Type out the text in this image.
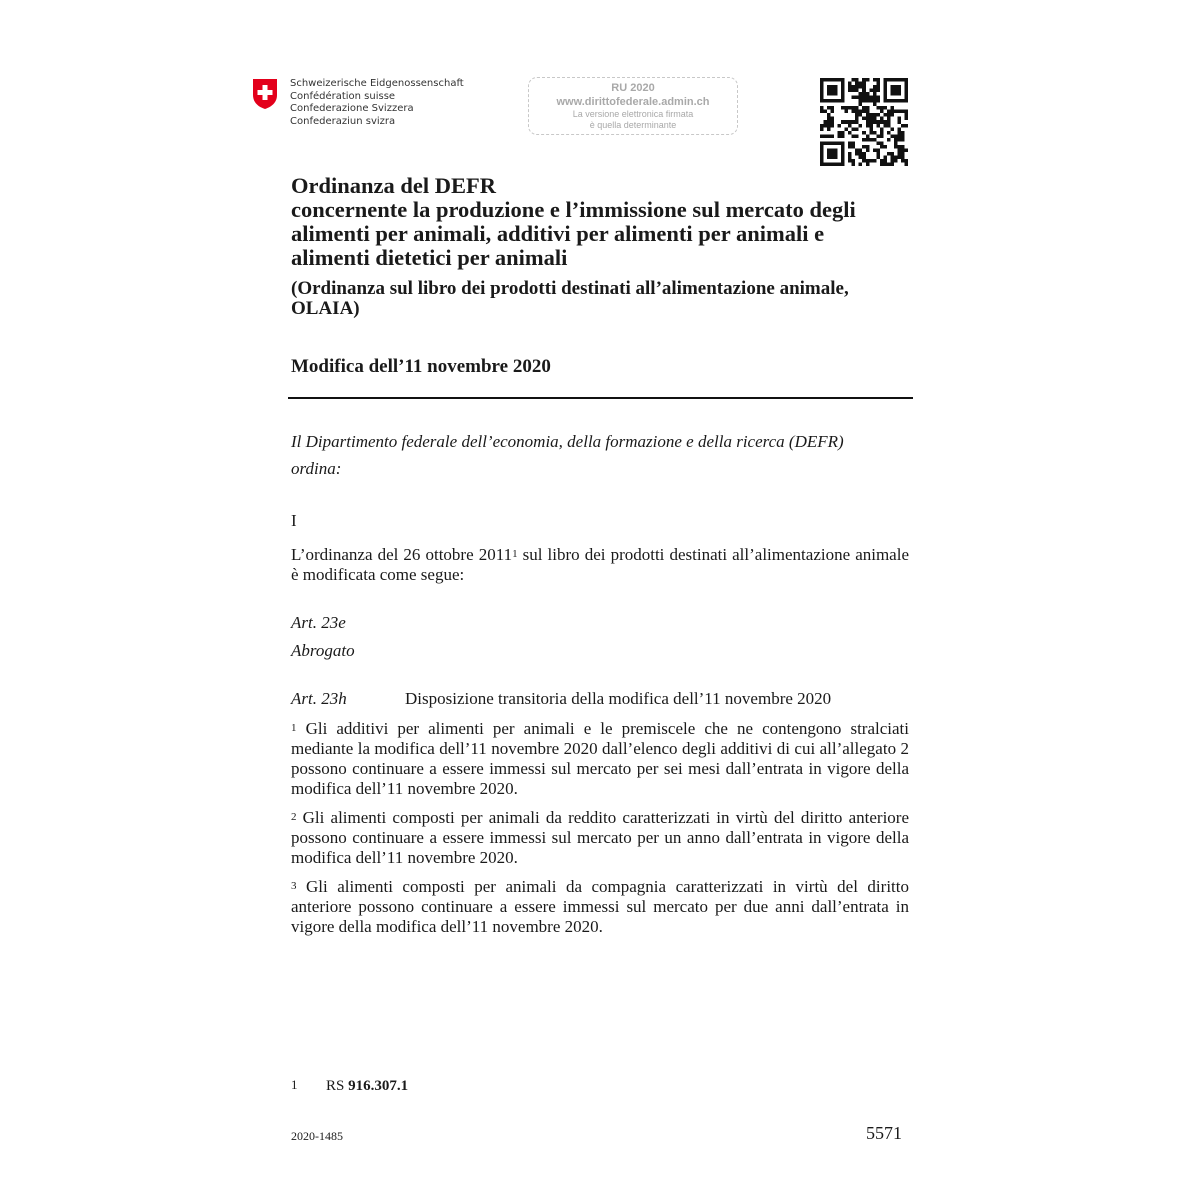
Schweizerische Eidgenossenschaft
Confédération suisse
Confederazione Svizzera
Confederaziun svizra
RU 2020
www.dirittofederale.admin.ch
La versione elettronica firmata
è quella determinante
Ordinanza del DEFR
concernente la produzione e l’immissione sul mercato degli
alimenti per animali, additivi per alimenti per animali e
alimenti dietetici per animali
(Ordinanza sul libro dei prodotti destinati all’alimentazione animale,
OLAIA)
Modifica dell’11 novembre 2020
Il Dipartimento federale dell’economia, della formazione e della ricerca (DEFR)
ordina:
I
L’ordinanza del 26 ottobre 2011$^1$ sul libro dei prodotti destinati all’alimentazione animale è modificata come segue:
Art. 23e
Abrogato
Art. 23h	Disposizione transitoria della modifica dell’11 novembre 2020
$^1$ Gli additivi per alimenti per animali e le premiscele che ne contengono stralciati mediante la modifica dell’11 novembre 2020 dall’elenco degli additivi di cui all’allegato 2 possono continuare a essere immessi sul mercato per sei mesi dall’entrata in vigore della modifica dell’11 novembre 2020.
$^2$ Gli alimenti composti per animali da reddito caratterizzati in virtù del diritto anteriore possono continuare a essere immessi sul mercato per un anno dall’entrata in vigore della modifica dell’11 novembre 2020.
$^3$ Gli alimenti composti per animali da compagnia caratterizzati in virtù del diritto anteriore possono continuare a essere immessi sul mercato per due anni dall’entrata in vigore della modifica dell’11 novembre 2020.
1 RS 916.307.1
2020-1485	5571
